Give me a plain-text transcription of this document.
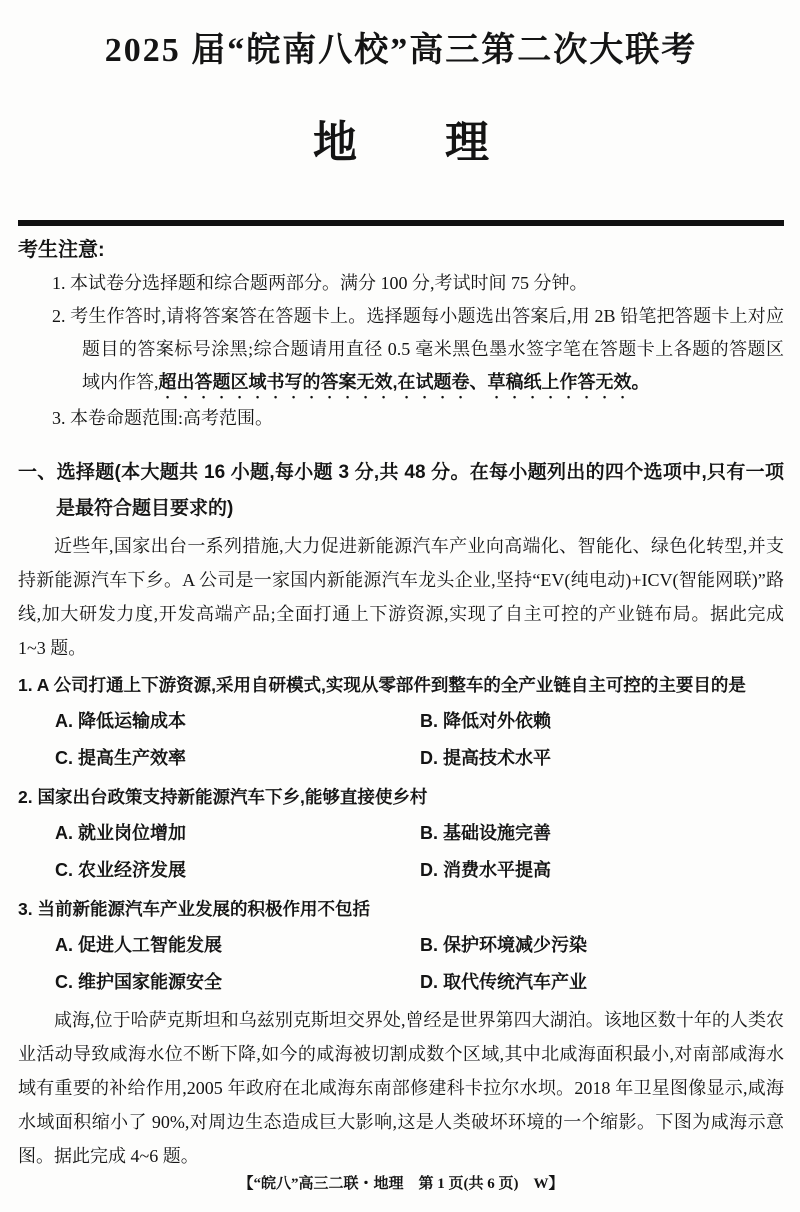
2025 届“皖南八校”高三第二次大联考
地　　理
考生注意:

1. 本试卷分选择题和综合题两部分。满分 100 分,考试时间 75 分钟。

2. 考生作答时,请将答案答在答题卡上。选择题每小题选出答案后,用 2B 铅笔把答题卡上对应题目的答案标号涂黑;综合题请用直径 0.5 毫米黑色墨水签字笔在答题卡上各题的答题区域内作答,超出答题区域书写的答案无效,在试题卷、草稿纸上作答无效。

3. 本卷命题范围:高考范围。

一、选择题(本大题共 16 小题,每小题 3 分,共 48 分。在每小题列出的四个选项中,只有一项是最符合题目要求的)

近些年,国家出台一系列措施,大力促进新能源汽车产业向高端化、智能化、绿色化转型,并支持新能源汽车下乡。A 公司是一家国内新能源汽车龙头企业,坚持“EV(纯电动)+ICV(智能网联)”路线,加大研发力度,开发高端产品;全面打通上下游资源,实现了自主可控的产业链布局。据此完成 1~3 题。

1. A 公司打通上下游资源,采用自研模式,实现从零部件到整车的全产业链自主可控的主要目的是

A. 降低运输成本	B. 降低对外依赖
C. 提高生产效率	D. 提高技术水平

2. 国家出台政策支持新能源汽车下乡,能够直接使乡村

A. 就业岗位增加	B. 基础设施完善
C. 农业经济发展	D. 消费水平提高

3. 当前新能源汽车产业发展的积极作用不包括

A. 促进人工智能发展	B. 保护环境减少污染
C. 维护国家能源安全	D. 取代传统汽车产业

咸海,位于哈萨克斯坦和乌兹别克斯坦交界处,曾经是世界第四大湖泊。该地区数十年的人类农业活动导致咸海水位不断下降,如今的咸海被切割成数个区域,其中北咸海面积最小,对南部咸海水域有重要的补给作用,2005 年政府在北咸海东南部修建科卡拉尔水坝。2018 年卫星图像显示,咸海水域面积缩小了 90%,对周边生态造成巨大影响,这是人类破坏环境的一个缩影。下图为咸海示意图。据此完成 4~6 题。

【“皖八”高三二联・地理　第 1 页(共 6 页)　W】
